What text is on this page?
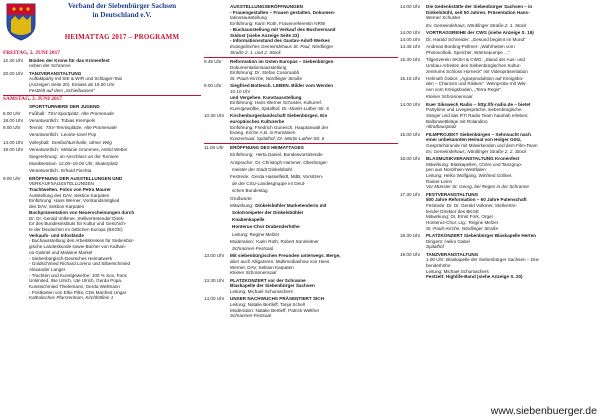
Verband der Siebenbürger Sachsen
in Deutschland e.V.
HEIMATTAG 2017 – PROGRAMM
FREITAG, 2. JUNI 2017
12.30 Uhr	Binden der Krone für das Kronenfest
neben der Schranne
20.00 Uhr	TANZVERANSTALTUNG
Auftaktparty mit SIE & W!R und Schlager-Taxi
(Anzeigen Seite 20). Einlass ab 19.00 Uhr
Festzelt auf dem „Schießwasen“
SAMSTAG, 3. JUNI 2017
SPORTTURNIERE DER JUGEND
8.00 Uhr	Fußball: TSV-Sportplatz, Alte Promenade
18.00 Uhr	Verantwortlich: Tobias Krempels
9.00 Uhr	Tennis: TSV-Tennisplätze, Alte Promenade
Verantwortlich: Leonte-Ionel Pop
14.00 Uhr	Volleyball: Dreifachturnhalle, Ulmer Weg
18.00 Uhr	Verantwortlich: Melanie Grommes, Astrid Weber
Siegerehrung: im Anschluss an die Turniere
Musiksession 12.00–19.00 Uhr, Skaterplatz
Verantwortlich: Erhard Fiechta
9.00 Uhr	ERÖFFNUNG DER AUSSTELLUNGEN UND
VERKAUFSAUSSTELLUNGEN
Trachtwelten. Fotos von Petra Maurer
Ausstellung des DAV, Sektion Karpaten
Einführung: Hans Werner, Vorstandsmitglied
des DAV, Sektion Karpaten
Buchpräsentation von Neuerscheinungen durch
Dr. Dr. Gerald Volkmer, Stellvertretender Direk-
tor des Bundesinstituts für Kultur und Geschich-
te der Deutschen im östlichen Europa (BKGE)
Verkaufs- und Infostände
- Buchausstellung des Arbeitskreises für Siebenbür-
gische Landeskunde sowie Bücher von Kathari-
na Gabriel und Malwine Markel
- Siebenbürgisch-Deutsches Heimatwerk
- Goldschmied Richard Lorenz und Silberschmied
Alexander Langer
- Trachten und Kunstgewerbe: 100 % Sox, Fans
Unlimited, Ilse Ulrich, Ute Ulrich, Gerda Popa,
Kunstschmied Thielemann, Gerda Wellmann
- Postkarten von Elke Pitts, CDs Manfred Ungar
Katholisches Pfarrzentrum, Kirchhöflein 1
AUSSTELLUNGSERÖFFNUNGEN
- Frauengestalten – Frauen gestalten. Dokumen-
tationsausstellung
Einführung: Karin Roth, Frauenreferentin NRW
- Buchausstellung mit Verkauf des Buchversand
Südost (siehe Anzeige Seite 23)
- Informationsstand des Gustav-Adolf-Werkes
Evangelisches Gemeindehaus St. Paul, Nördlinger
Straße 2, 1. und 2. Stock
9.45 Uhr	Reformation im Osten Europas – Siebenbürgen
Dokumentationsausstellung
Einführung: Dr. Stefan Cosoroabă
St.-Pauls-Kirche, Nördlinger Straße
9.00 Uhr	Siegfried Bottesch. LEBEN. Bilder vom Werden
10.10 Uhr
und Vergehen. Kunstausstellung
Einführung: Hans Werner Schuster, Kulturref.
Kunstgewölbe, Spitalhof, Dr.-Martin-Luther-Str. 6
10.30 Uhr	Kirchenburgenlandschaft Siebenbürgen. Ein
europäisches Kulturerbe
Einführung: Friedrich Gunesch, Hauptanwalt der
Evang. Kirche A.B. in Rumänien
Konzertsaal, Spitalhof, Dr.-Martin-Luther-Str. 6
11.00 Uhr	ERÖFFNUNG DES HEIMATTAGES
Einführung: Herta Daniel, Bundesvorsitzende
Ansprache: Dr. Christoph Hammer, Oberbürger-
meister der Stadt Dinkelsbühl
Festrede: Gerda Hasselfeldt, MdB, Vorsitzen-
de der CSU-Landesgruppe im Deut-
schen Bundestag
Grußworte
Mitwirkung: Dinkelsbühler Marketenderin mit
Solotrompeter der Dinkelsbühler
Knabenkapelle
Honterus-Chor Drabenderhöhe
Leitung: Regine Melzer
Moderation: Karin Roth, Robert Sonnleitner
Schrannen-Festsaal
13.00 Uhr	Mit siebenbürgischen Freunden unterwegs. Berge,
aber auch Alligatoren. Multimediashow von Hans
Werner, DAV, Sektion Karpaten
Kleiner Schrannensaal
13.30 Uhr	PLATZKONZERT vor der Schranne
Blaskapelle der Siebenbürger Sachsen
Leitung: Michael Schumachers
14.00 Uhr	UNSER NACHWUCHS PRÄSENTIERT SICH
Leitung: Natalie Bertleff, Tanja Schell
Moderation: Natalie Bertleff, Patrick Welther
Schrannen-Festsaal
14.00 Uhr	Die Gedenkstätte der Siebenbürger Sachsen – in
Dinkelsbühl, seit 50 Jahren. Präsentation Hans-
Werner Schuster
Ev. Gemeindehaus, Nördlinger Straße 2, 1. Stock
14.00 Uhr	VORTRAGSREIHE der CWG (siehe Anzeige S. 19)
14.00 Uhr	Dr. Harald Schneider: „Gesund beginnt im Mund“
14.45 Uhr	Andreas Bording-Pollmer: „Wahrheiten vom
Photovoltaik, Speicher, Wärmepumpe ...“
15.30 Uhr	Tilgenverein SKSH & CWG: „Stand der Aus- und
Umbau-Arbeiten des Siebenbürgischen Kultur-
zentrums Schloss Horneck“ mit Videopräsentation
16.15 Uhr	Helmuth Gabor: „Agrarproduktion auf Königsbo-
den – Chancen und Risiken“. Weinprobe mit Wei-
nen vom Königsboden, „Terra Regis“.
Kleiner Schrannensaal
14.00 Uhr	Euer Sikswech Radio – http://fr-radio.de – bietet
Partytime und Livegespräche, siebenbürgische
Sänger und das RTI Radio Team hautnah erleben;
Ballonwettkläge mit Rolandino
Altrathausplatz
15.00 Uhr	FILMPROJEKT Siebenbürgen – Sehnsucht nach
einer unbekannten Heimat von Holger Götz,
Gesprächsrunde mit Mitwirkenden und dem Film-Team
Ev. Gemeindehaus, Nördlinger Straße 2, 2. Stock
16.00 Uhr	BLASMUSIKVERANSTALTUNG Kronenfest
Mitwirkung: Blaskapellen, Chöre und Tanzgrup-
pen aus Nordrhein-Westfalen
Leitung: Heiko Wolfgang, Winfried Göllner,
Rainer Leinn
Vor Münster St. Georg, bei Regen in der Schranne
17.30 Uhr	FESTVERANSTALTUNG
500 Jahre Reformation – 60 Jahre Patenschaft
Festrede: Dr. Dr. Gerald Volkmer, Stellvertre-
tender Direktor des BKGE
Mitwirkung: Dr. Ernst Fork, Orgel
Honterus-Chor, Ltg.: Regine Melzer
St.-Pauls-Kirche, Nördlinger Straße
18.30 Uhr	PLATZKONZERT Siebenbürger Blaskapelle Herten
Dirigent: Heiko Gabel
Spitalhof
19.00 Uhr	TANZVERANSTALTUNG
1.00 Uhr: Blaskapelle der Siebenbürger Sachsen – Dra-
benderhöhe
Leitung: Michael Schumachers
Festzelt: Highlife-Band (siehe Anzeige S. 20)
www.siebenbuerger.de
